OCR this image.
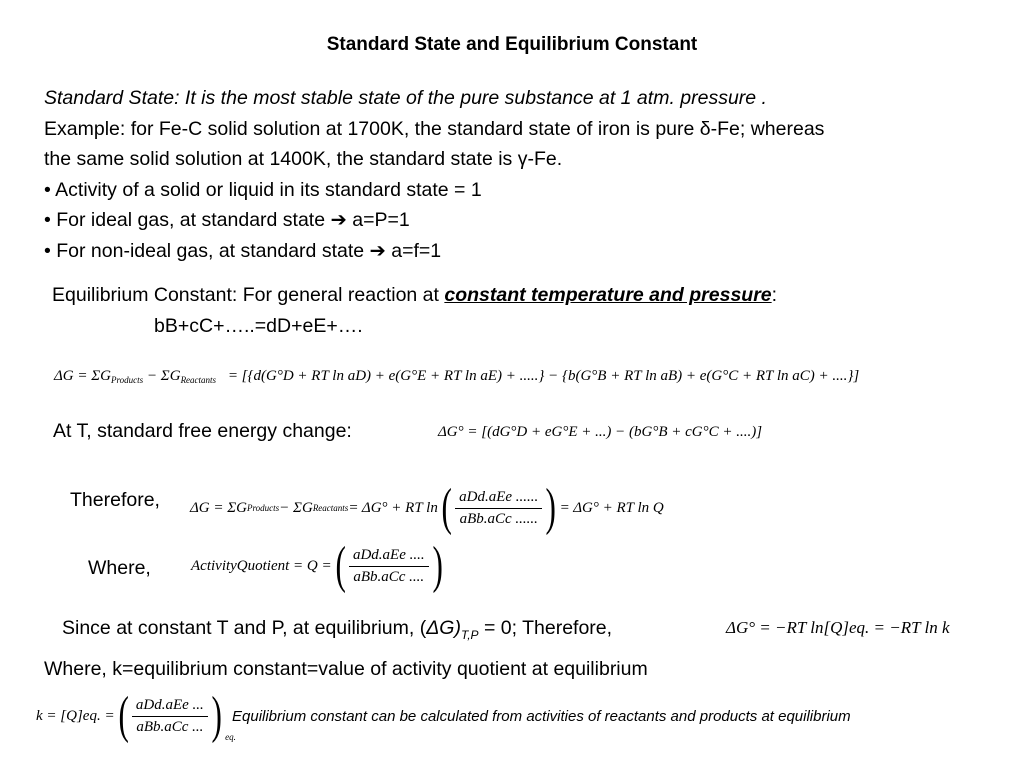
Standard State and Equilibrium Constant
Standard State: It is the most stable state of the pure substance at 1 atm. pressure .
Example: for Fe-C solid solution at 1700K, the standard state of iron is pure δ-Fe; whereas
the same solid solution at 1400K, the standard state is γ-Fe.
• Activity of a solid or liquid in its standard state = 1
• For ideal gas, at standard state ➔ a=P=1
• For non-ideal gas, at standard state ➔ a=f=1
Equilibrium Constant: For general reaction at constant temperature and pressure:
bB+cC+…..=dD+eE+….
$\Delta G = \Sigma G_{Products} - \Sigma G_{Reactants} = [\{d(G^\circ D$ + RT ln aD) + e(G°E + RT ln aE) + .....} − {b(G°B + RT ln aB) + e(G°C + RT ln aC) + ....}]
At T, standard free energy change:	ΔG° = [(dG°D + eG°E + ...) − (bG°B + cG°C + ....)]
Therefore, ΔG = ΣG Products − ΣG Reactants = ΔG° + RT ln ( $\frac{\text{aDd.aEe ......}}{\text{aBb.aCc ......}}$ ) = ΔG° + RT ln Q
Where,	ActivityQuotient = Q = ( $\frac{\text{aDd.aEe ....}}{\text{aBb.aCc ....}}$ )
Since at constant T and P, at equilibrium, $(\Delta G)_{T,P} = 0$; Therefore,	ΔG° = −RT ln[Q]eq. = −RT ln k
Where, k=equilibrium constant=value of activity quotient at equilibrium
k = [Q]eq. = ( $\frac{\text{aDd.aEe ...}}{\text{aBb.aCc ...}}$ ) $_{eq.}$
Equilibrium constant can be calculated from activities of reactants and products at equilibrium
